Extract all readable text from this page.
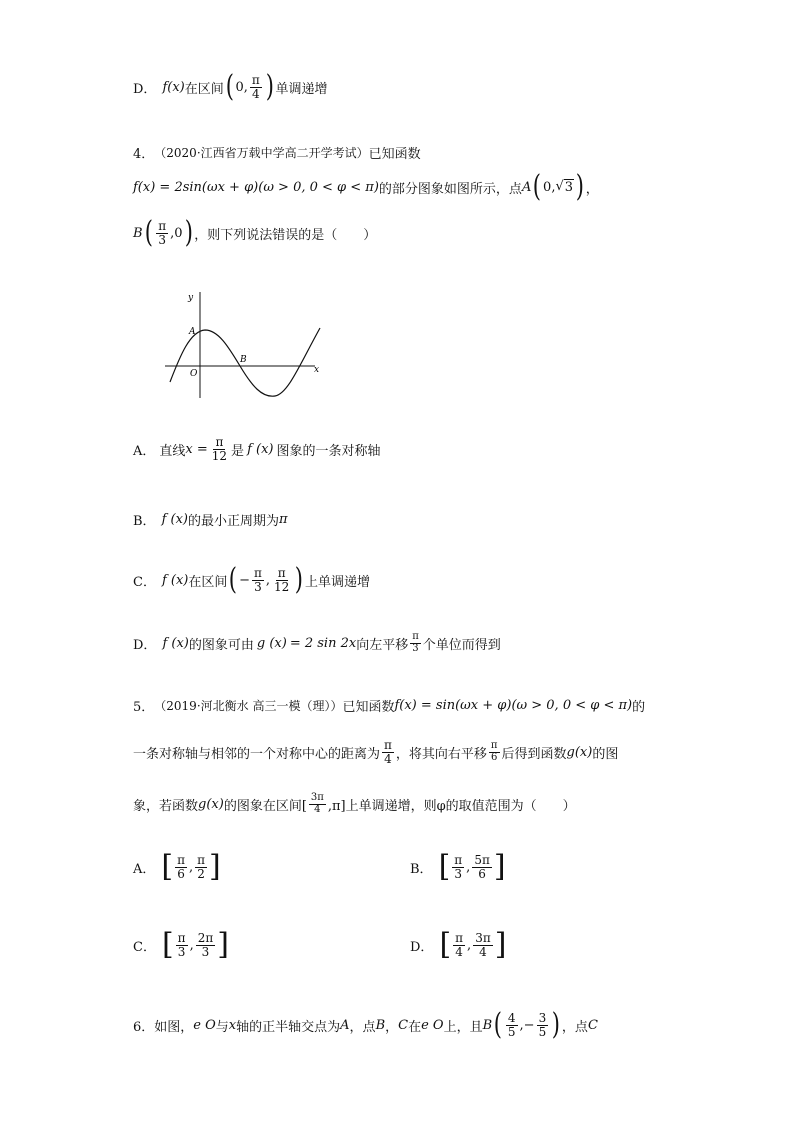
D． f(x) 在区间 ( 0, $\frac{\pi}{4}$ ) 单调递增
4． （2020·江西省万载中学高二开学考试） 已知函数
f(x) = 2sin(ωx + φ)(ω > 0, 0 < φ < π) 的部分图象如图所示，点 A ( 0, √ 3 ) ，
B ( $\frac{\pi}{3} ,0$ ) ，则下列说法错误的是（　　）
y
x
O
A
B
A． 直线 $x = \frac{\pi}{12}$ 是 f (x) 图象的一条对称轴
B． f (x) 的最小正周期为 π
C． f (x) 在区间 ( − $\frac{\pi}{3}$ , $\frac{\pi}{12}$ ) 上单调递增
D． f (x) 的图象可由 g (x) = 2 sin 2x 向左平移 $\frac{\pi}{3}$ 个单位而得到
5． （2019·河北衡水 高三一模（理）） 已知函数 f(x) = sin(ωx + φ)(ω > 0, 0 < φ < π) 的
一条对称轴与相邻的一个对称中心的距离为 $\frac{\pi}{4}$ ，将其向右平移 $\frac{\pi}{6}$ 后得到函数 g(x) 的图
象，若函数 g(x) 的图象在区间[ $\frac{3\pi}{4} ,\pi$]上单调递增，则φ的取值范围为（　　）
A． [ $\frac{\pi}{6}$ , $\frac{\pi}{2}$ ]	B． [ $\frac{\pi}{3}$ , $\frac{5\pi}{6}$ ]
C． [ $\frac{\pi}{3}$ , $\frac{2\pi}{3}$ ]	D． [ $\frac{\pi}{4}$ , $\frac{3\pi}{4}$ ]
6． 如图， e O 与 x 轴的正半轴交点为 A ，点 B ， C 在 e O 上，且 B ( $\frac{4}{5}$ ,− $\frac{3}{5}$ ) ，点 C
